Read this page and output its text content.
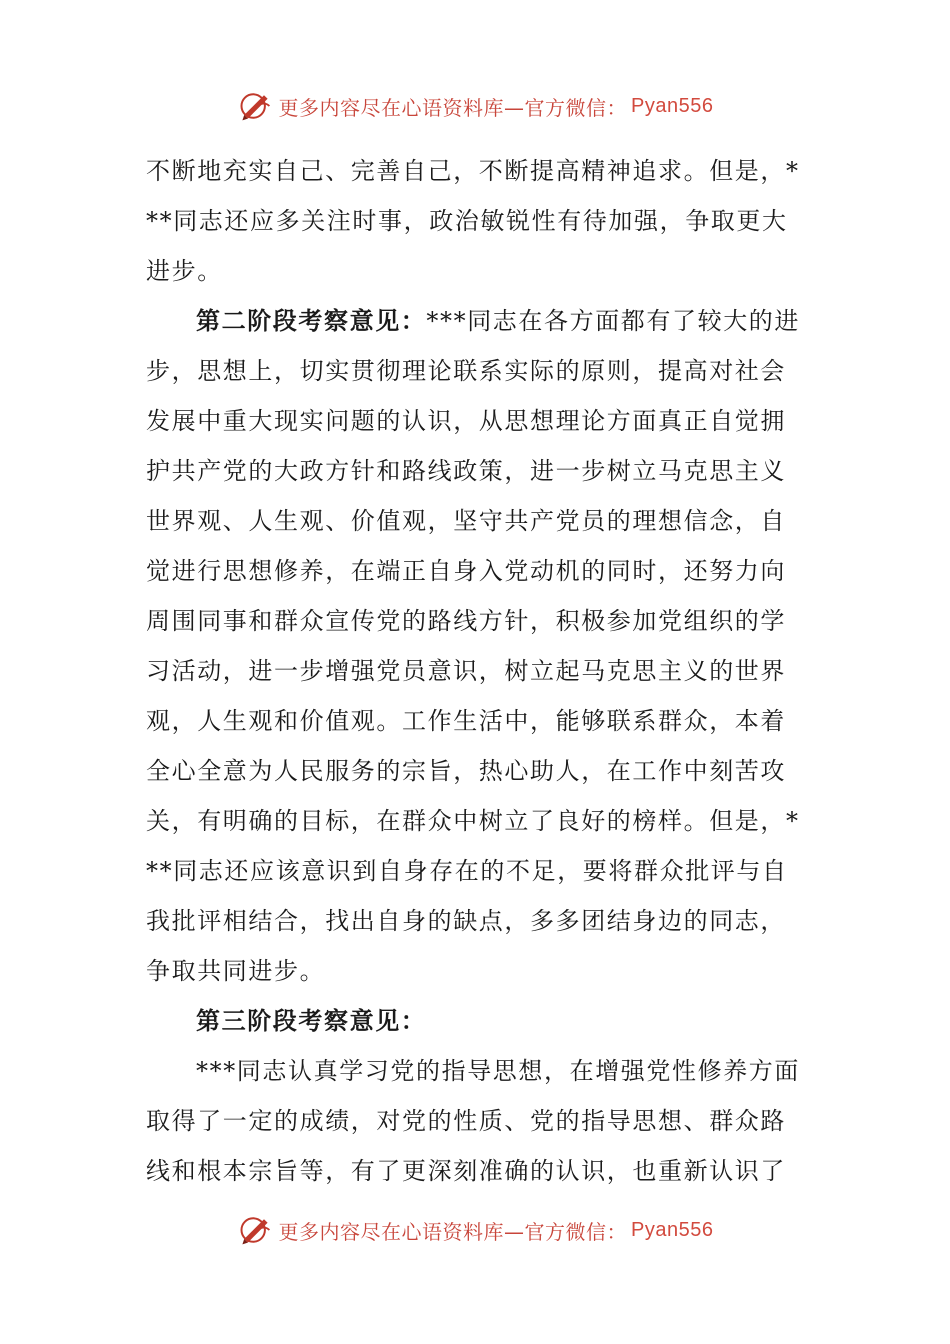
更多内容尽在心语资料库—官方微信： Pyan556

不断地充实自己、完善自己，不断提高精神追求。但是，*

**同志还应多关注时事，政治敏锐性有待加强，争取更大

进步。

第二阶段考察意见：***同志在各方面都有了较大的进

步，思想上，切实贯彻理论联系实际的原则，提高对社会

发展中重大现实问题的认识，从思想理论方面真正自觉拥

护共产党的大政方针和路线政策，进一步树立马克思主义

世界观、人生观、价值观，坚守共产党员的理想信念，自

觉进行思想修养，在端正自身入党动机的同时，还努力向

周围同事和群众宣传党的路线方针，积极参加党组织的学

习活动，进一步增强党员意识，树立起马克思主义的世界

观，人生观和价值观。工作生活中，能够联系群众，本着

全心全意为人民服务的宗旨，热心助人，在工作中刻苦攻

关，有明确的目标，在群众中树立了良好的榜样。但是，*

**同志还应该意识到自身存在的不足，要将群众批评与自

我批评相结合，找出自身的缺点，多多团结身边的同志，

争取共同进步。

第三阶段考察意见：

***同志认真学习党的指导思想，在增强党性修养方面

取得了一定的成绩，对党的性质、党的指导思想、群众路

线和根本宗旨等，有了更深刻准确的认识，也重新认识了

更多内容尽在心语资料库—官方微信： Pyan556
